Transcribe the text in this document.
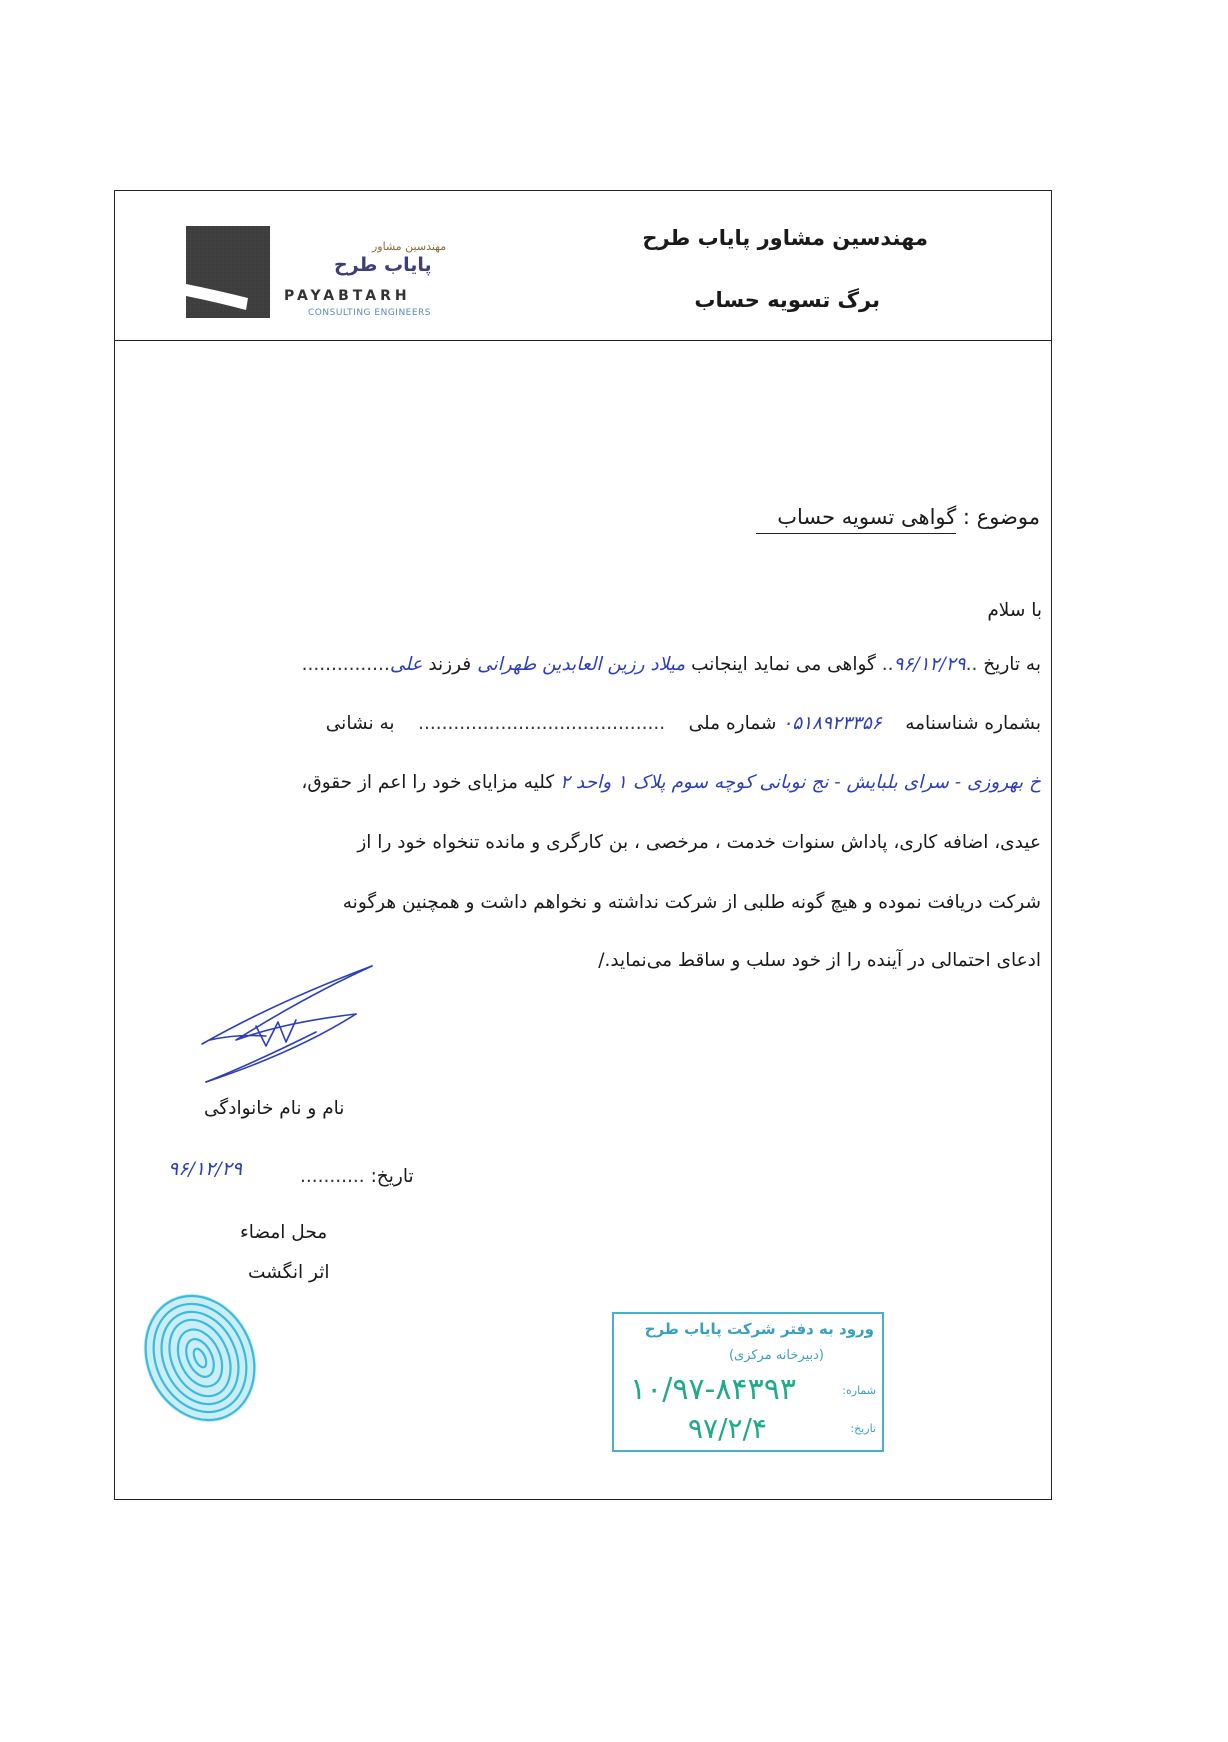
مهندسین مشاور پایاب طرح
برگ تسویه حساب
مهندسین مشاور
پایاب طرح
PAYABTARH
CONSULTING ENGINEERS
موضوع : گواهی تسویه حساب
با سلام
به تاریخ ..۹۶/۱۲/۲۹.. گواهی می نماید اینجانب میلاد رزین العابدین طهرانی فرزند علی...............
بشماره شناسنامه    ۰۵۱۸۹۲۳۳۵۶ شماره ملی    ..........................................    به نشانی
خ بهروزی - سرای بلبایش - نج نوبانی کوچه سوم پلاک ۱ واحد ۲ کلیه مزایای خود را اعم از حقوق،
عیدی، اضافه کاری، پاداش سنوات خدمت ، مرخصی ، بن کارگری و مانده تنخواه خود را از
شرکت دریافت نموده و هیچ گونه طلبی از شرکت نداشته و نخواهم داشت و همچنین هرگونه
ادعای احتمالی در آینده را از خود سلب و ساقط می‌نماید./
نام و نام خانوادگی
تاریخ: ...........
۹۶/۱۲/۲۹
محل امضاء
اثر انگشت
ورود به دفتر شرکت پایاب طرح
(دبیرخانه مرکزی)
شماره:
۱۰/۹۷-۸۴۳۹۳
تاریخ:
۹۷/۲/۴
